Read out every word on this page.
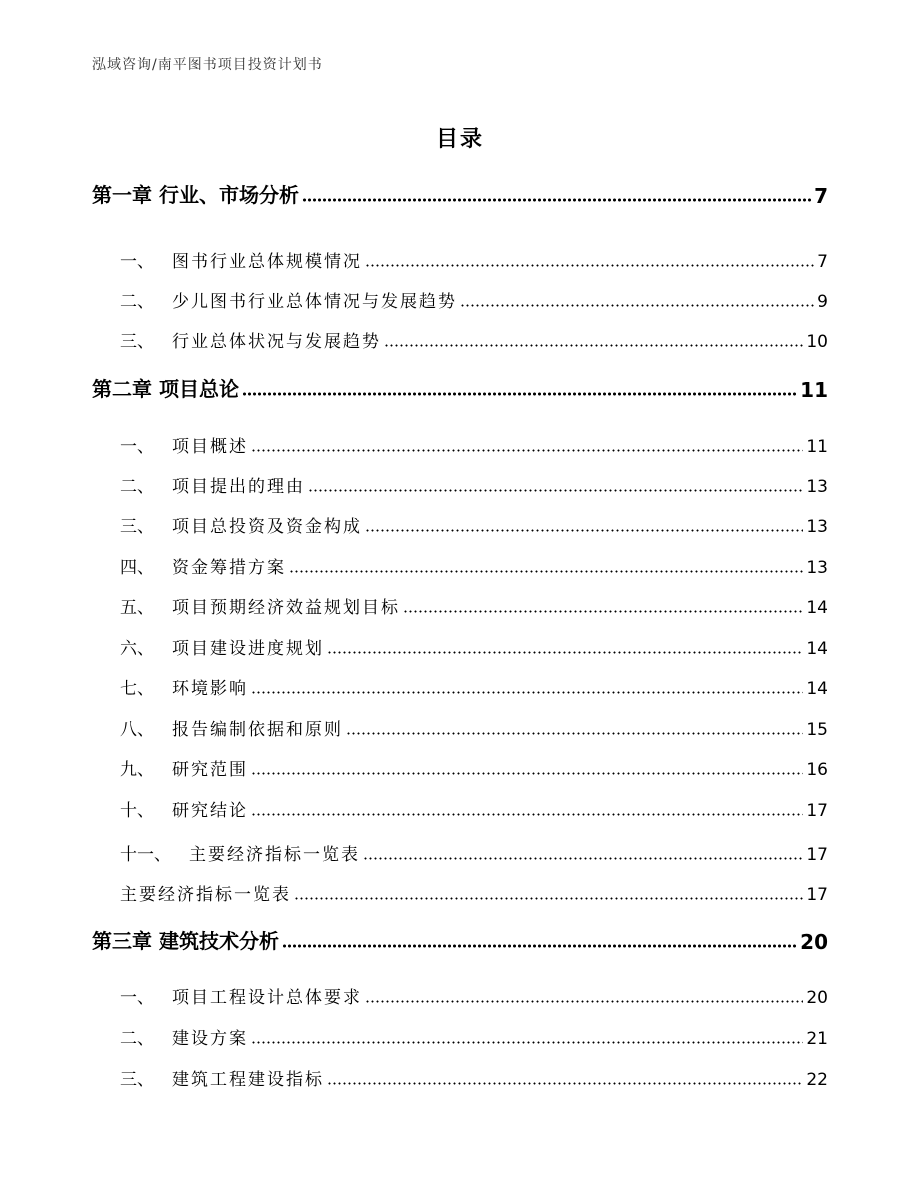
泓域咨询/南平图书项目投资计划书
目录
第一章 行业、市场分析	7
一、 图书行业总体规模情况	7
二、 少儿图书行业总体情况与发展趋势	9
三、 行业总体状况与发展趋势	10
第二章 项目总论	11
一、 项目概述	11
二、 项目提出的理由	13
三、 项目总投资及资金构成	13
四、 资金筹措方案	13
五、 项目预期经济效益规划目标	14
六、 项目建设进度规划	14
七、 环境影响	14
八、 报告编制依据和原则	15
九、 研究范围	16
十、 研究结论	17
十一、 主要经济指标一览表	17
主要经济指标一览表	17
第三章 建筑技术分析	20
一、 项目工程设计总体要求	20
二、 建设方案	21
三、 建筑工程建设指标	22
